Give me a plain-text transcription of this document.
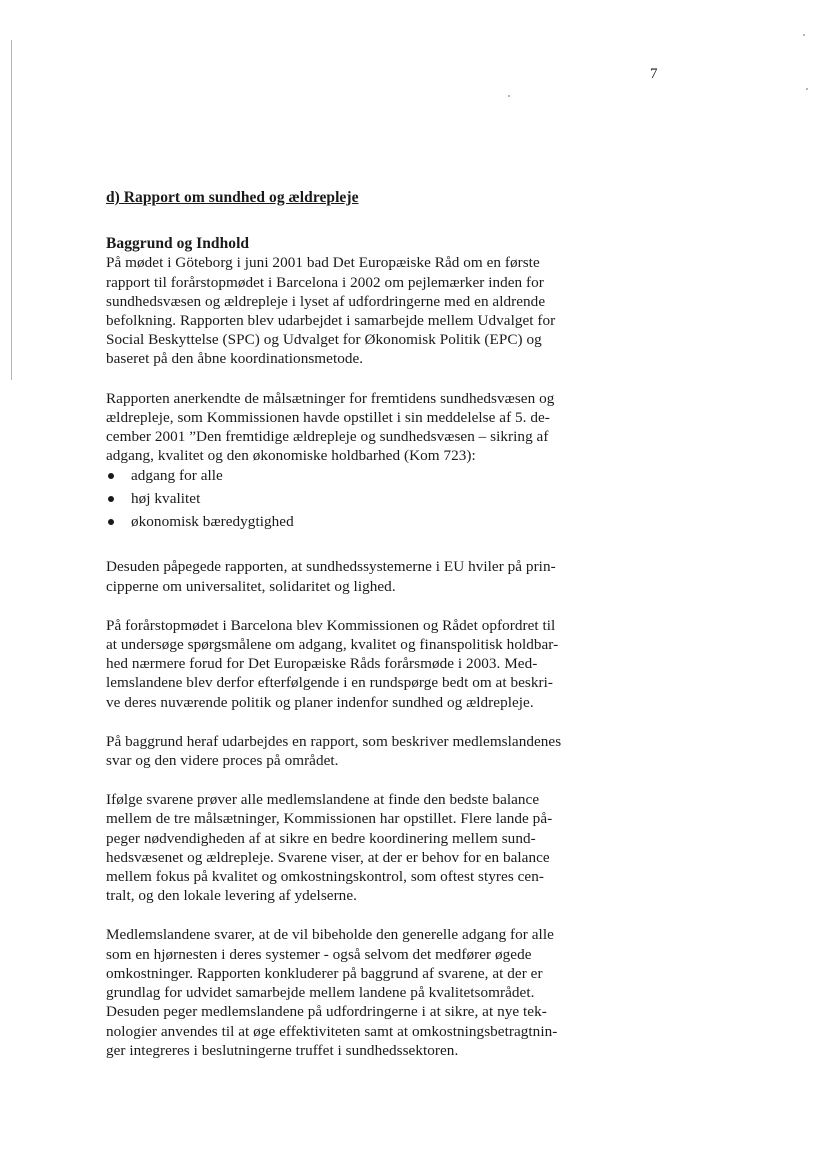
7

d) Rapport om sundhed og ældrepleje

Baggrund og Indhold

På mødet i Göteborg i juni 2001 bad Det Europæiske Råd om en første
rapport til forårstopmødet i Barcelona i 2002 om pejlemærker inden for
sundhedsvæsen og ældrepleje i lyset af udfordringerne med en aldrende
befolkning. Rapporten blev udarbejdet i samarbejde mellem Udvalget for
Social Beskyttelse (SPC) og Udvalget for Økonomisk Politik (EPC) og
baseret på den åbne koordinationsmetode.

Rapporten anerkendte de målsætninger for fremtidens sundhedsvæsen og
ældrepleje, som Kommissionen havde opstillet i sin meddelelse af 5. de-
cember 2001 ”Den fremtidige ældrepleje og sundhedsvæsen – sikring af
adgang, kvalitet og den økonomiske holdbarhed (Kom 723):

adgang for alle
høj kvalitet
økonomisk bæredygtighed

Desuden påpegede rapporten, at sundhedssystemerne i EU hviler på prin-
cipperne om universalitet, solidaritet og lighed.

På forårstopmødet i Barcelona blev Kommissionen og Rådet opfordret til
at undersøge spørgsmålene om adgang, kvalitet og finanspolitisk holdbar-
hed nærmere forud for Det Europæiske Råds forårsmøde i 2003. Med-
lemslandene blev derfor efterfølgende i en rundspørge bedt om at beskri-
ve deres nuværende politik og planer indenfor sundhed og ældrepleje.

På baggrund heraf udarbejdes en rapport, som beskriver medlemslandenes
svar og den videre proces på området.

Ifølge svarene prøver alle medlemslandene at finde den bedste balance
mellem de tre målsætninger, Kommissionen har opstillet. Flere lande på-
peger nødvendigheden af at sikre en bedre koordinering mellem sund-
hedsvæsenet og ældrepleje. Svarene viser, at der er behov for en balance
mellem fokus på kvalitet og omkostningskontrol, som oftest styres cen-
tralt, og den lokale levering af ydelserne.

Medlemslandene svarer, at de vil bibeholde den generelle adgang for alle
som en hjørnesten i deres systemer - også selvom det medfører øgede
omkostninger. Rapporten konkluderer på baggrund af svarene, at der er
grundlag for udvidet samarbejde mellem landene på kvalitetsområdet.
Desuden peger medlemslandene på udfordringerne i at sikre, at nye tek-
nologier anvendes til at øge effektiviteten samt at omkostningsbetragtnin-
ger integreres i beslutningerne truffet i sundhedssektoren.
